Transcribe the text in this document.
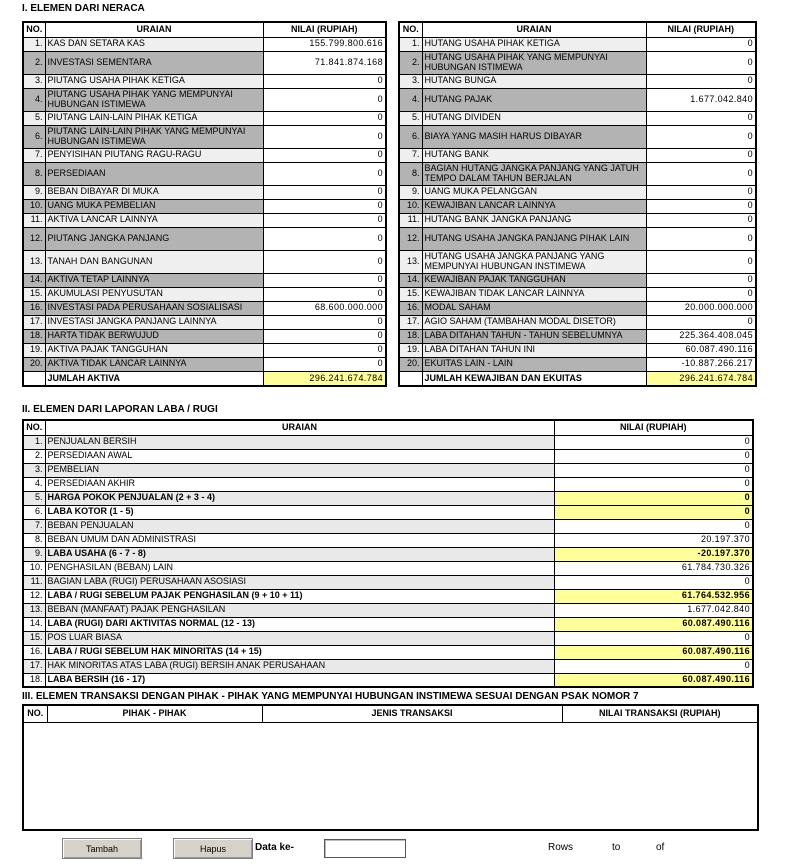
I. ELEMEN DARI NERACA
NO.	URAIAN	NILAI (RUPIAH)
1.	KAS DAN SETARA KAS	155.799.800.616
2.	INVESTASI SEMENTARA	71.841.874.168
3.	PIUTANG USAHA PIHAK KETIGA	0
4.	PIUTANG USAHA PIHAK YANG MEMPUNYAI HUBUNGAN ISTIMEWA	0
5.	PIUTANG LAIN-LAIN PIHAK KETIGA	0
6.	PIUTANG LAIN-LAIN PIHAK YANG MEMPUNYAI HUBUNGAN ISTIMEWA	0
7.	PENYISIHAN PIUTANG RAGU-RAGU	0
8.	PERSEDIAAN	0
9.	BEBAN DIBAYAR DI MUKA	0
10.	UANG MUKA PEMBELIAN	0
11.	AKTIVA LANCAR LAINNYA	0
12.	PIUTANG JANGKA PANJANG	0
13.	TANAH DAN BANGUNAN	0
14.	AKTIVA TETAP LAINNYA	0
15.	AKUMULASI PENYUSUTAN	0
16.	INVESTASI PADA PERUSAHAAN SOSIALISASI	68.600.000.000
17.	INVESTASI JANGKA PANJANG LAINNYA	0
18.	HARTA TIDAK BERWUJUD	0
19.	AKTIVA PAJAK TANGGUHAN	0
20.	AKTIVA TIDAK LANCAR LAINNYA	0
	JUMLAH AKTIVA	296.241.674.784
NO.	URAIAN	NILAI (RUPIAH)
1.	HUTANG USAHA PIHAK KETIGA	0
2.	HUTANG USAHA PIHAK YANG MEMPUNYAI HUBUNGAN ISTIMEWA	0
3.	HUTANG BUNGA	0
4.	HUTANG PAJAK	1.677.042.840
5.	HUTANG DIVIDEN	0
6.	BIAYA YANG MASIH HARUS DIBAYAR	0
7.	HUTANG BANK	0
8.	BAGIAN HUTANG JANGKA PANJANG YANG JATUH TEMPO DALAM TAHUN BERJALAN	0
9.	UANG MUKA PELANGGAN	0
10.	KEWAJIBAN LANCAR LAINNYA	0
11.	HUTANG BANK JANGKA PANJANG	0
12.	HUTANG USAHA JANGKA PANJANG PIHAK LAIN	0
13.	HUTANG USAHA JANGKA PANJANG YANG MEMPUNYAI HUBUNGAN INSTIMEWA	0
14.	KEWAJIBAN PAJAK TANGGUHAN	0
15.	KEWAJIBAN TIDAK LANCAR LAINNYA	0
16.	MODAL SAHAM	20.000.000.000
17.	AGIO SAHAM (TAMBAHAN MODAL DISETOR)	0
18.	LABA DITAHAN TAHUN - TAHUN SEBELUMNYA	225.364.408.045
19.	LABA DITAHAN TAHUN INI	60.087.490.116
20.	EKUITAS LAIN - LAIN	-10.887.266.217
	JUMLAH KEWAJIBAN DAN EKUITAS	296.241.674.784
II. ELEMEN DARI LAPORAN LABA / RUGI
NO.	URAIAN	NILAI (RUPIAH)
1.	PENJUALAN BERSIH	0
2.	PERSEDIAAN AWAL	0
3.	PEMBELIAN	0
4.	PERSEDIAAN AKHIR	0
5.	HARGA POKOK PENJUALAN (2 + 3 - 4)	0
6.	LABA KOTOR (1 - 5)	0
7.	BEBAN PENJUALAN	0
8.	BEBAN UMUM DAN ADMINISTRASI	20.197.370
9.	LABA USAHA (6 - 7 - 8)	-20.197.370
10.	PENGHASILAN (BEBAN) LAIN	61.784.730.326
11.	BAGIAN LABA (RUGI) PERUSAHAAN ASOSIASI	0
12.	LABA / RUGI SEBELUM PAJAK PENGHASILAN (9 + 10 + 11)	61.764.532.956
13.	BEBAN (MANFAAT) PAJAK PENGHASILAN	1.677.042.840
14.	LABA (RUGI) DARI AKTIVITAS NORMAL (12 - 13)	60.087.490.116
15.	POS LUAR BIASA	0
16.	LABA / RUGI SEBELUM HAK MINORITAS (14 + 15)	60.087.490.116
17.	HAK MINORITAS ATAS LABA (RUGI) BERSIH ANAK PERUSAHAAN	0
18.	LABA BERSIH (16 - 17)	60.087.490.116
III. ELEMEN TRANSAKSI DENGAN PIHAK - PIHAK YANG MEMPUNYAI HUBUNGAN INSTIMEWA SESUAI DENGAN PSAK NOMOR 7
NO.	PIHAK - PIHAK	JENIS TRANSAKSI	NILAI TRANSAKSI (RUPIAH)

Tambah	Hapus	Data ke-	Rows	to	of
